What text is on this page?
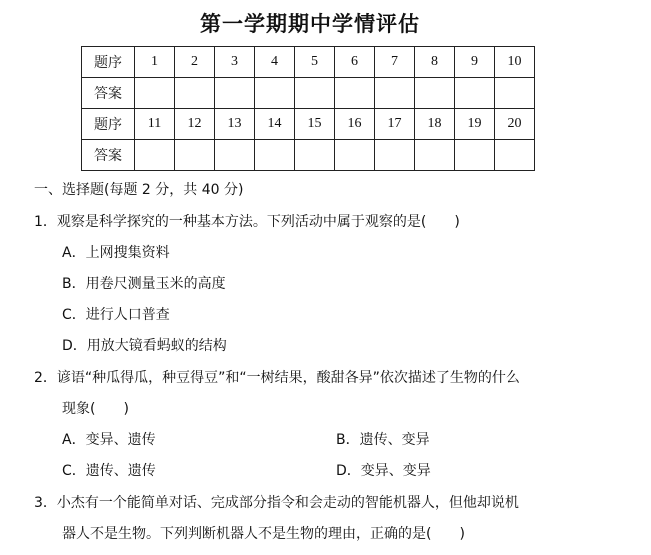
第一学期期中学情评估
题序	1	2	3	4	5	6	7	8	9	10
答案										
题序	11	12	13	14	15	16	17	18	19	20
答案										
一、选择题(每题 2 分，共 40 分)
1．观察是科学探究的一种基本方法。下列活动中属于观察的是(　　)
A．上网搜集资料
B．用卷尺测量玉米的高度
C．进行人口普查
D．用放大镜看蚂蚁的结构
2．谚语“种瓜得瓜，种豆得豆”和“一树结果，酸甜各异”依次描述了生物的什么
现象(　　)
A．变异、遗传	B．遗传、变异
C．遗传、遗传	D．变异、变异
3．小杰有一个能简单对话、完成部分指令和会走动的智能机器人，但他却说机
器人不是生物。下列判断机器人不是生物的理由，正确的是(　　)
